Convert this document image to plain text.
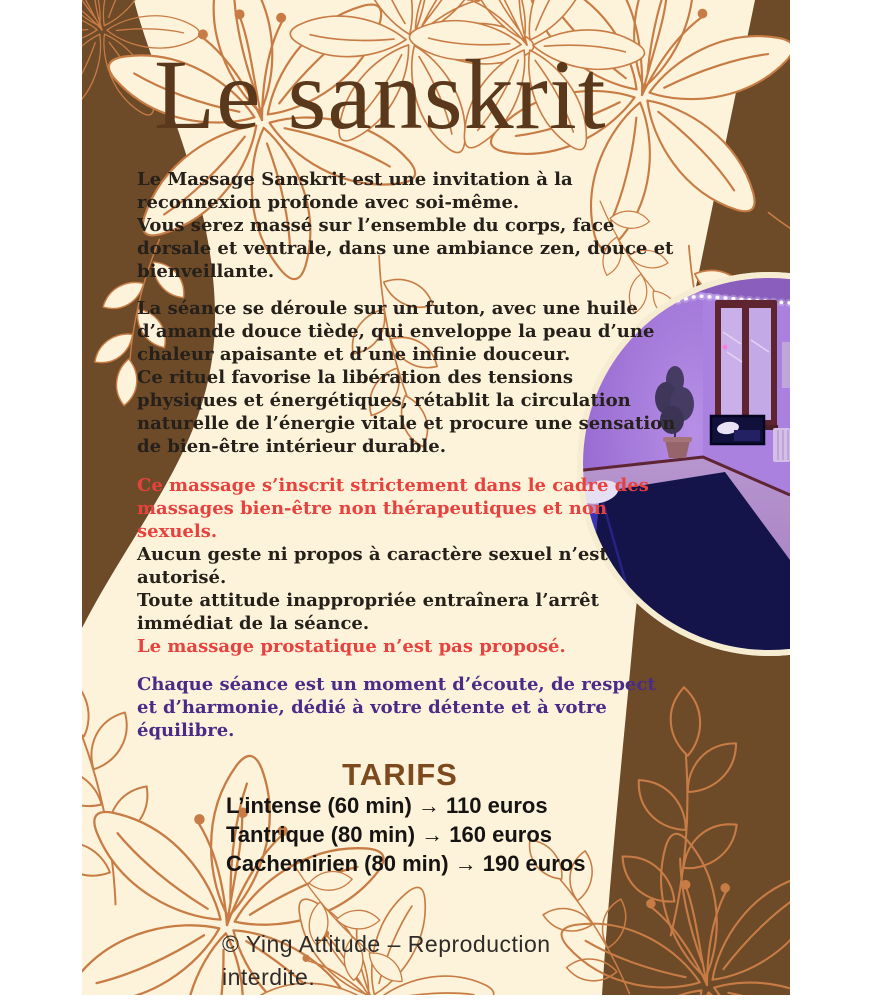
Le sanskrit
Le Massage Sanskrit est une invitation à la
reconnexion profonde avec soi-même.
Vous serez massé sur l’ensemble du corps, face
dorsale et ventrale, dans une ambiance zen, douce et
bienveillante.
La séance se déroule sur un futon, avec une huile
d’amande douce tiède, qui enveloppe la peau d’une
chaleur apaisante et d’une infinie douceur.
Ce rituel favorise la libération des tensions
physiques et énergétiques, rétablit la circulation
naturelle de l’énergie vitale et procure une sensation
de bien-être intérieur durable.
Ce massage s’inscrit strictement dans le cadre des
massages bien-être non thérapeutiques et non
sexuels.
Aucun geste ni propos à caractère sexuel n’est
autorisé.
Toute attitude inappropriée entraînera l’arrêt
immédiat de la séance.
Le massage prostatique n’est pas proposé.
Chaque séance est un moment d’écoute, de respect
et d’harmonie, dédié à votre détente et à votre
équilibre.
TARIFS
L’intense (60 min) → 110 euros
Tantrique (80 min) → 160 euros
Cachemirien (80 min) → 190 euros
© Ying Attitude – Reproduction
interdite.
